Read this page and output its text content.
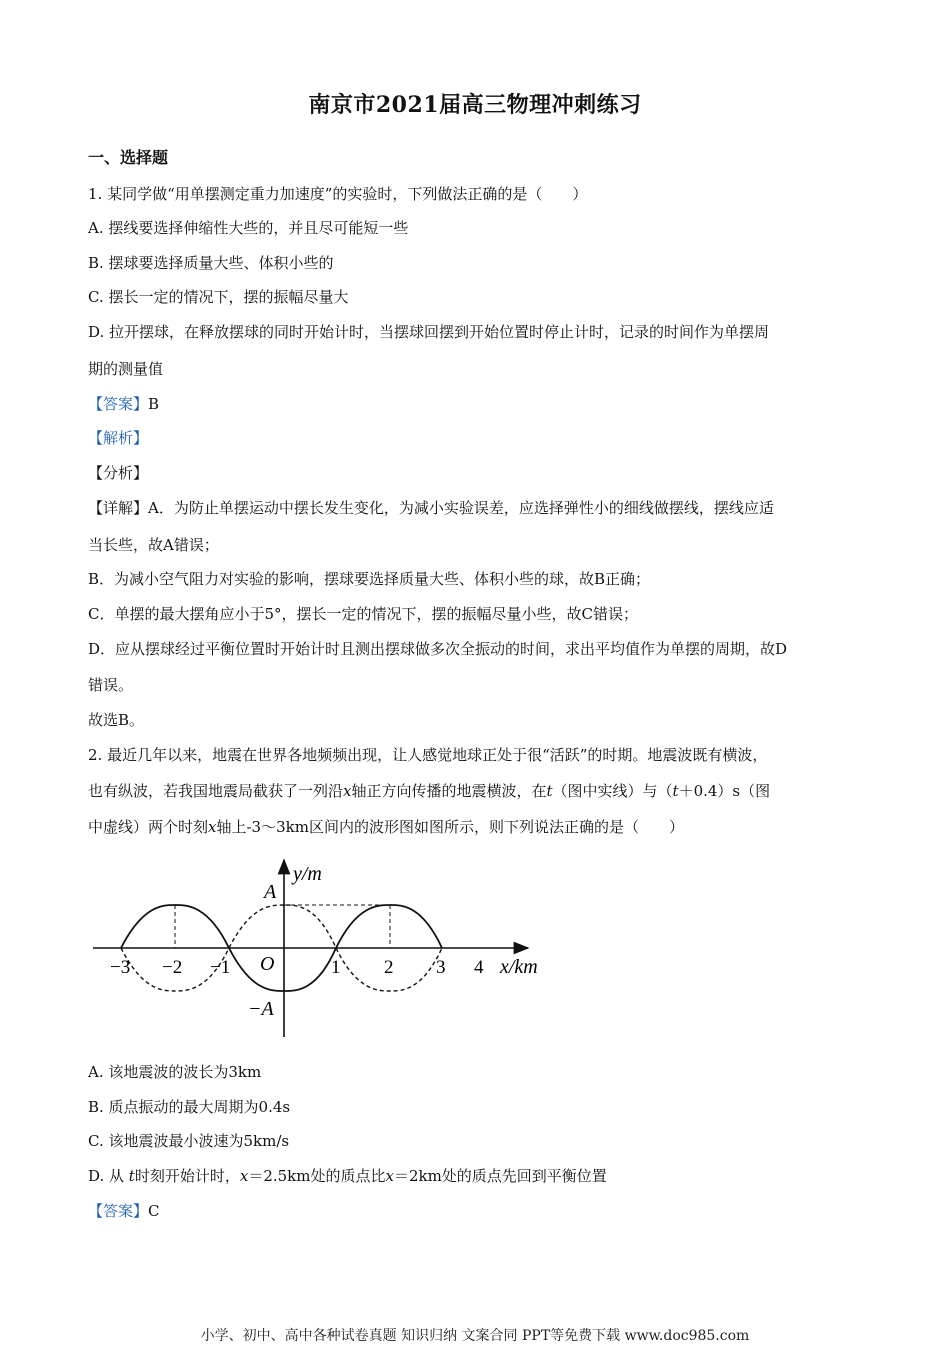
南京市2021届高三物理冲刺练习
一、选择题
1. 某同学做“用单摆测定重力加速度”的实验时，下列做法正确的是（　　）
A. 摆线要选择伸缩性大些的，并且尽可能短一些
B. 摆球要选择质量大些、体积小些的
C. 摆长一定的情况下，摆的振幅尽量大
D. 拉开摆球，在释放摆球的同时开始计时，当摆球回摆到开始位置时停止计时，记录的时间作为单摆周
期的测量值
【答案】B
【解析】
【分析】
【详解】A．为防止单摆运动中摆长发生变化，为减小实验误差，应选择弹性小的细线做摆线，摆线应适
当长些，故A错误；
B．为减小空气阻力对实验的影响，摆球要选择质量大些、体积小些的球，故B正确；
C．单摆的最大摆角应小于5°，摆长一定的情况下，摆的振幅尽量小些，故C错误；
D．应从摆球经过平衡位置时开始计时且测出摆球做多次全振动的时间，求出平均值作为单摆的周期，故D
错误。
故选B。
2. 最近几年以来，地震在世界各地频频出现，让人感觉地球正处于很“活跃”的时期。地震波既有横波，
也有纵波，若我国地震局截获了一列沿x轴正方向传播的地震横波，在t（图中实线）与（t＋0.4）s（图
中虚线）两个时刻x轴上-3～3km区间内的波形图如图所示，则下列说法正确的是（　　）
y/m
x/km
A
−A
O
−3 −2 −1	1 2 3 4
A. 该地震波的波长为3km
B. 质点振动的最大周期为0.4s
C. 该地震波最小波速为5km/s
D. 从 t时刻开始计时，x＝2.5km处的质点比x＝2km处的质点先回到平衡位置
【答案】C
小学、初中、高中各种试卷真题 知识归纳 文案合同 PPT等免费下载 www.doc985.com
